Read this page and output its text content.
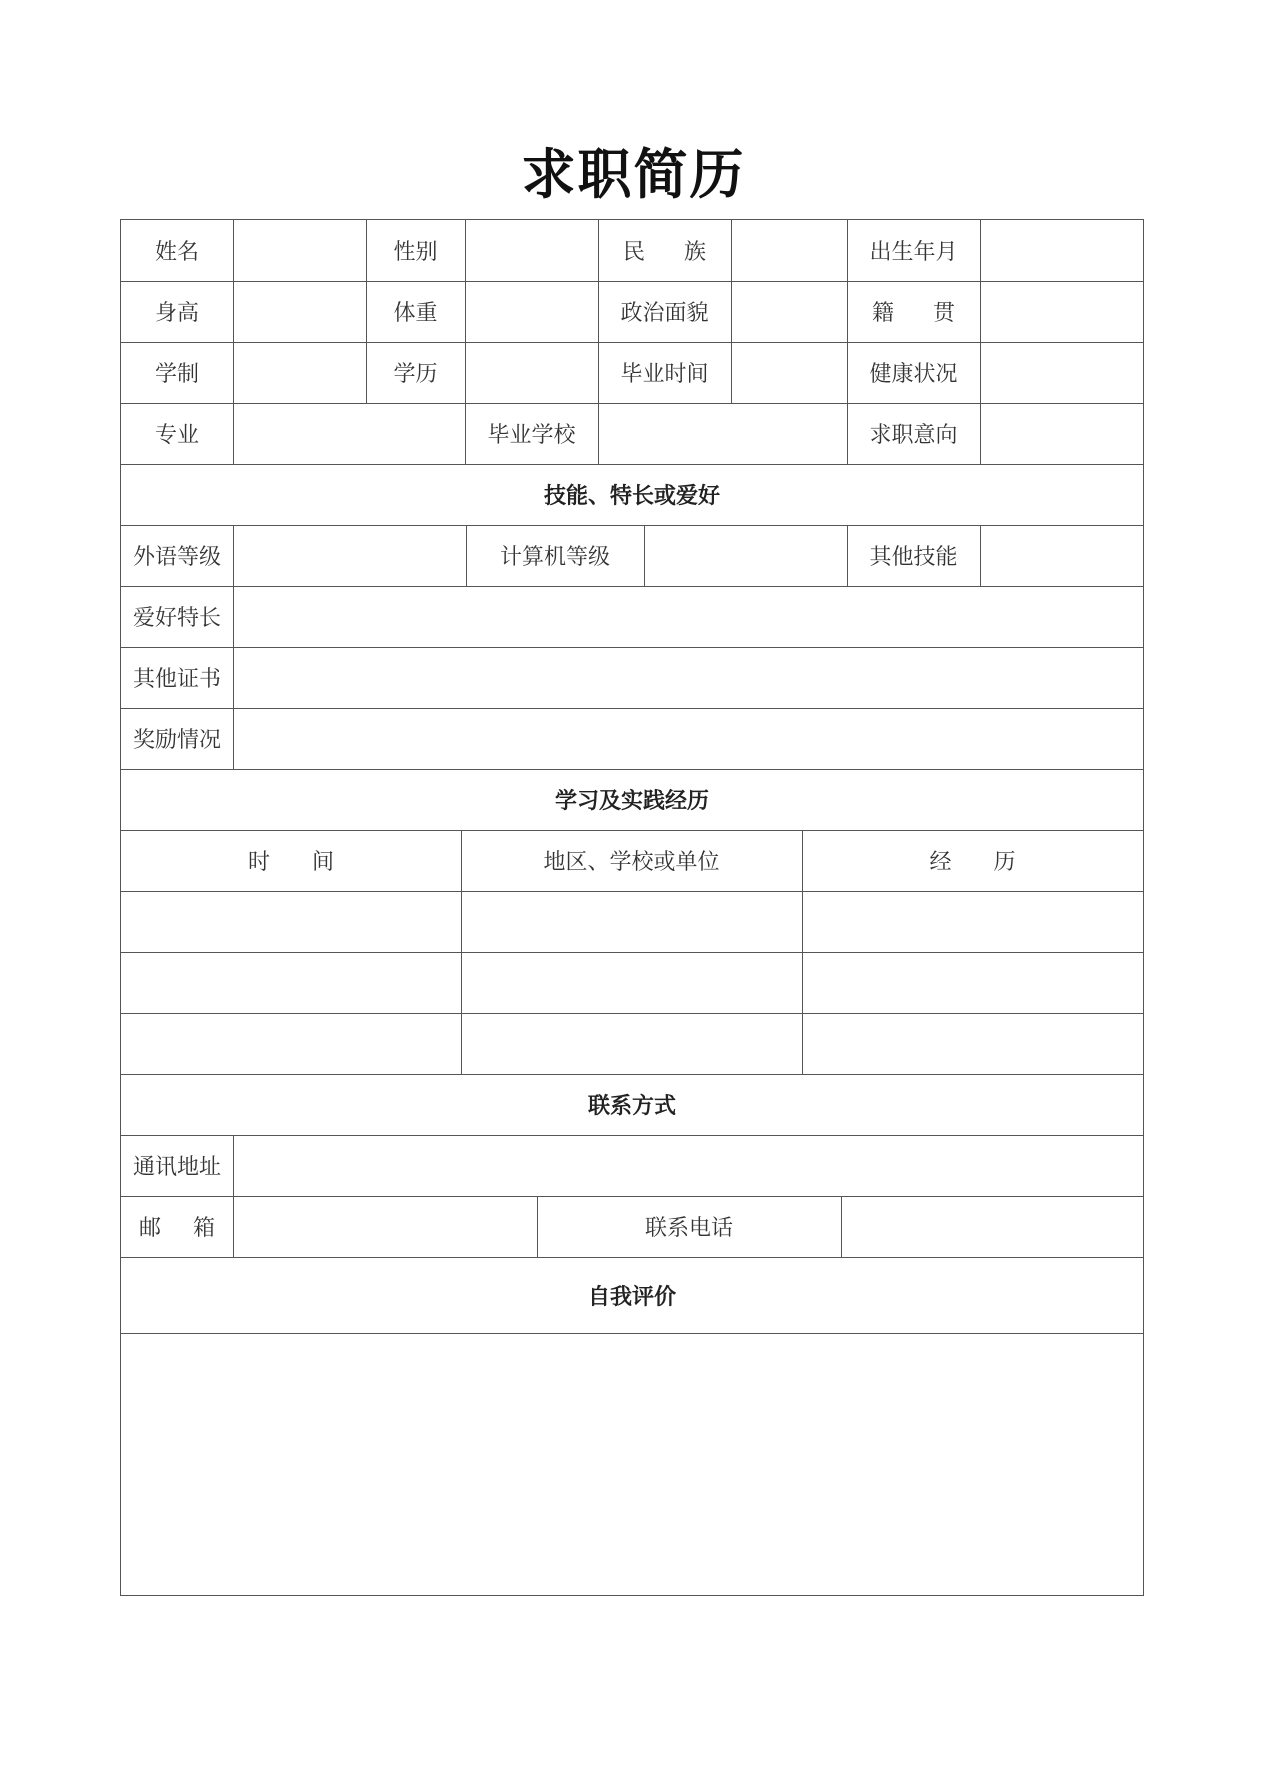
求职简历
姓名	性别	民 族	出生年月
身高	体重	政治面貌	籍 贯
学制	学历	毕业时间	健康状况
专业	毕业学校	求职意向
技能、特长或爱好
外语等级	计算机等级	其他技能
爱好特长
其他证书
奖励情况
学习及实践经历
时 间	地区、学校或单位	经 历
联系方式
通讯地址
邮 箱	联系电话
自我评价
